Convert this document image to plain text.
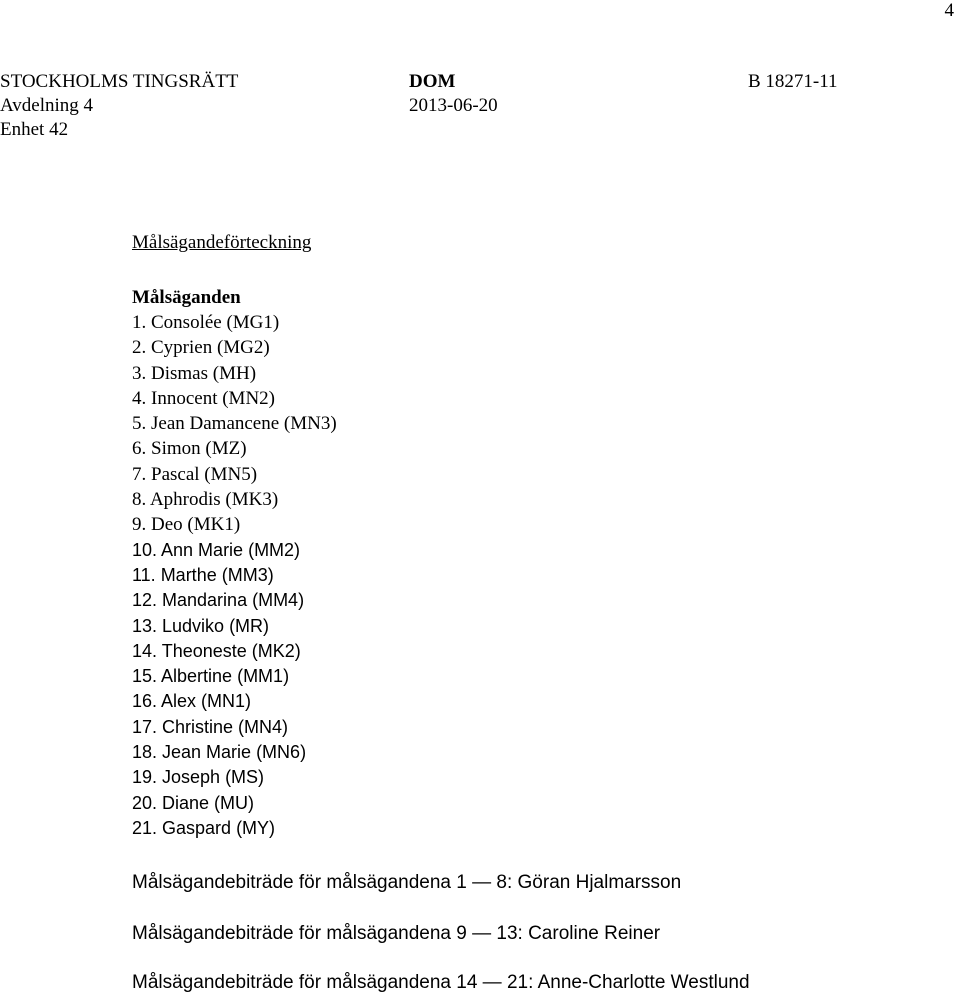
4
STOCKHOLMS TINGSRÄTT
Avdelning 4
Enhet 42
DOM
2013-06-20
B 18271-11
Målsägandeförteckning
Målsäganden
1. Consolée (MG1)
2. Cyprien (MG2)
3. Dismas (MH)
4. Innocent (MN2)
5. Jean Damancene (MN3)
6. Simon (MZ)
7. Pascal (MN5)
8. Aphrodis (MK3)
9. Deo (MK1)
10. Ann Marie (MM2)
11. Marthe (MM3)
12. Mandarina (MM4)
13. Ludviko (MR)
14. Theoneste (MK2)
15. Albertine (MM1)
16. Alex (MN1)
17. Christine (MN4)
18. Jean Marie (MN6)
19. Joseph (MS)
20. Diane (MU)
21. Gaspard (MY)
Målsägandebiträde för målsägandena 1 — 8: Göran Hjalmarsson
Målsägandebiträde för målsägandena 9 — 13: Caroline Reiner
Målsägandebiträde för målsägandena 14 — 21: Anne-Charlotte Westlund
